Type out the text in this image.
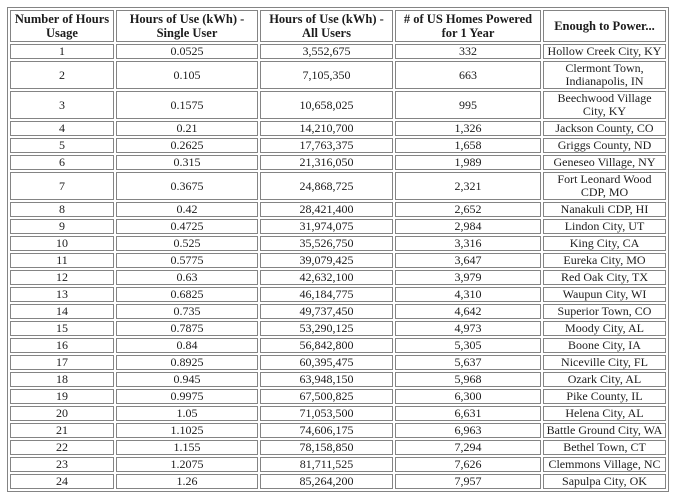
Number of Hours Usage	Hours of Use (kWh) - Single User	Hours of Use (kWh) - All Users	# of US Homes Powered for 1 Year	Enough to Power...
1	0.0525	3,552,675	332	Hollow Creek City, KY
2	0.105	7,105,350	663	Clermont Town, Indianapolis, IN
3	0.1575	10,658,025	995	Beechwood Village City, KY
4	0.21	14,210,700	1,326	Jackson County, CO
5	0.2625	17,763,375	1,658	Griggs County, ND
6	0.315	21,316,050	1,989	Geneseo Village, NY
7	0.3675	24,868,725	2,321	Fort Leonard Wood CDP, MO
8	0.42	28,421,400	2,652	Nanakuli CDP, HI
9	0.4725	31,974,075	2,984	Lindon City, UT
10	0.525	35,526,750	3,316	King City, CA
11	0.5775	39,079,425	3,647	Eureka City, MO
12	0.63	42,632,100	3,979	Red Oak City, TX
13	0.6825	46,184,775	4,310	Waupun City, WI
14	0.735	49,737,450	4,642	Superior Town, CO
15	0.7875	53,290,125	4,973	Moody City, AL
16	0.84	56,842,800	5,305	Boone City, IA
17	0.8925	60,395,475	5,637	Niceville City, FL
18	0.945	63,948,150	5,968	Ozark City, AL
19	0.9975	67,500,825	6,300	Pike County, IL
20	1.05	71,053,500	6,631	Helena City, AL
21	1.1025	74,606,175	6,963	Battle Ground City, WA
22	1.155	78,158,850	7,294	Bethel Town, CT
23	1.2075	81,711,525	7,626	Clemmons Village, NC
24	1.26	85,264,200	7,957	Sapulpa City, OK
